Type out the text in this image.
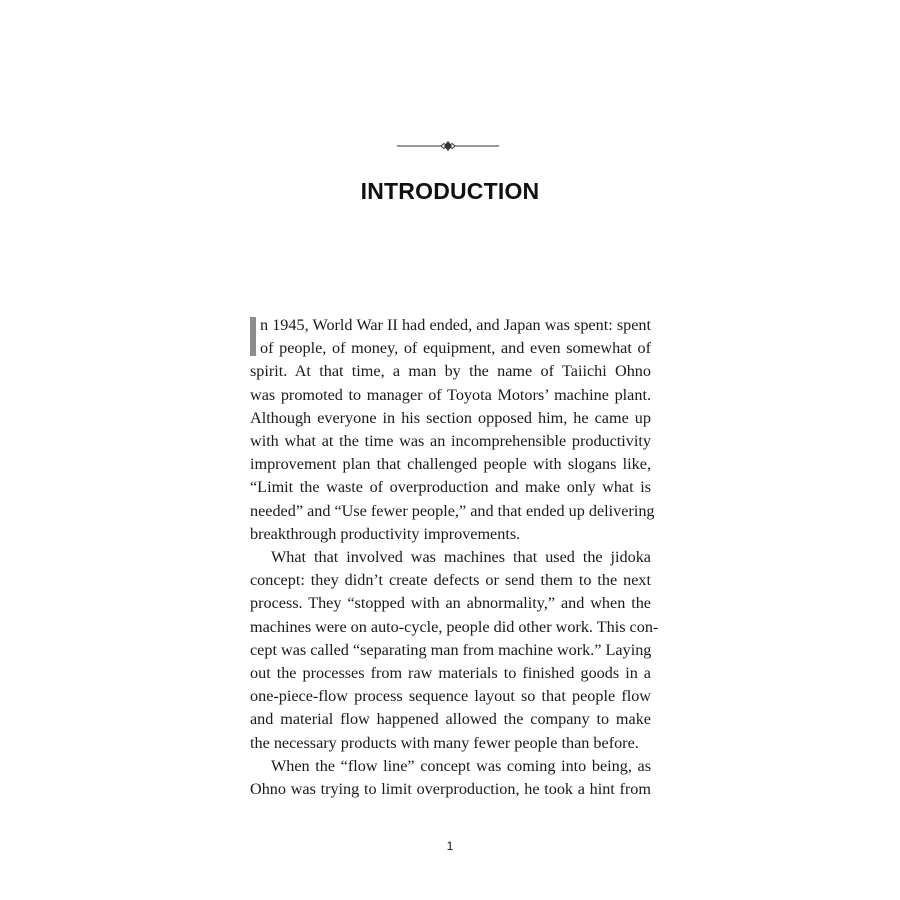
INTRODUCTION
n 1945, World War II had ended, and Japan was spent: spent
of people, of money, of equipment, and even somewhat of
spirit. At that time, a man by the name of Taiichi Ohno
was promoted to manager of Toyota Motors’ machine plant.
Although everyone in his section opposed him, he came up
with what at the time was an incomprehensible productivity
improvement plan that challenged people with slogans like,
“Limit the waste of overproduction and make only what is
needed” and “Use fewer people,” and that ended up delivering
breakthrough productivity improvements.
What that involved was machines that used the jidoka
concept: they didn’t create defects or send them to the next
process. They “stopped with an abnormality,” and when the
machines were on auto-cycle, people did other work. This con-
cept was called “separating man from machine work.” Laying
out the processes from raw materials to finished goods in a
one-piece-flow process sequence layout so that people flow
and material flow happened allowed the company to make
the necessary products with many fewer people than before.
When the “flow line” concept was coming into being, as
Ohno was trying to limit overproduction, he took a hint from
1
